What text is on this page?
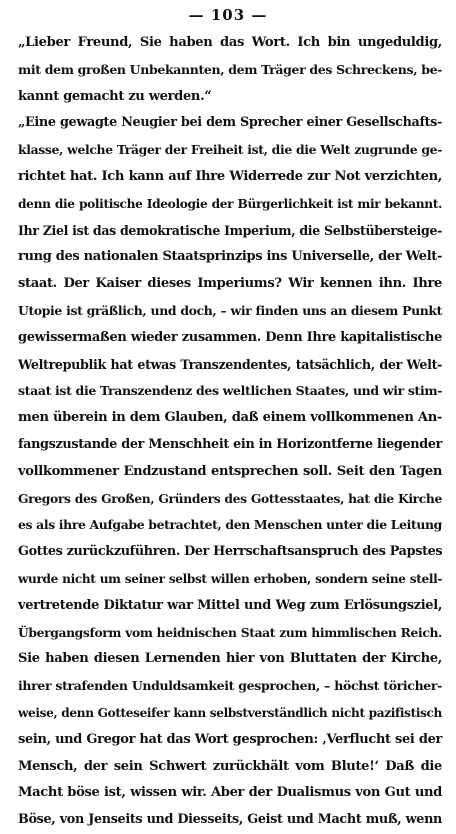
— 103 —
„Lieber Freund, Sie haben das Wort. Ich bin ungeduldig,
mit dem großen Unbekannten, dem Träger des Schreckens, be-
kannt gemacht zu werden.“
„Eine gewagte Neugier bei dem Sprecher einer Gesellschafts-
klasse, welche Träger der Freiheit ist, die die Welt zugrunde ge-
richtet hat. Ich kann auf Ihre Widerrede zur Not verzichten,
denn die politische Ideologie der Bürgerlichkeit ist mir bekannt.
Ihr Ziel ist das demokratische Imperium, die Selbstübersteige-
rung des nationalen Staatsprinzips ins Universelle, der Welt-
staat. Der Kaiser dieses Imperiums? Wir kennen ihn. Ihre
Utopie ist gräßlich, und doch, – wir finden uns an diesem Punkt
gewissermaßen wieder zusammen. Denn Ihre kapitalistische
Weltrepublik hat etwas Transzendentes, tatsächlich, der Welt-
staat ist die Transzendenz des weltlichen Staates, und wir stim-
men überein in dem Glauben, daß einem vollkommenen An-
fangszustande der Menschheit ein in Horizontferne liegender
vollkommener Endzustand entsprechen soll. Seit den Tagen
Gregors des Großen, Gründers des Gottesstaates, hat die Kirche
es als ihre Aufgabe betrachtet, den Menschen unter die Leitung
Gottes zurückzuführen. Der Herrschaftsanspruch des Papstes
wurde nicht um seiner selbst willen erhoben, sondern seine stell-
vertretende Diktatur war Mittel und Weg zum Erlösungsziel,
Übergangsform vom heidnischen Staat zum himmlischen Reich.
Sie haben diesen Lernenden hier von Bluttaten der Kirche,
ihrer strafenden Unduldsamkeit gesprochen, – höchst töricher-
weise, denn Gotteseifer kann selbstverständlich nicht pazifistisch
sein, und Gregor hat das Wort gesprochen: ‚Verflucht sei der
Mensch, der sein Schwert zurückhält vom Blute!‘ Daß die
Macht böse ist, wissen wir. Aber der Dualismus von Gut und
Böse, von Jenseits und Diesseits, Geist und Macht muß, wenn
